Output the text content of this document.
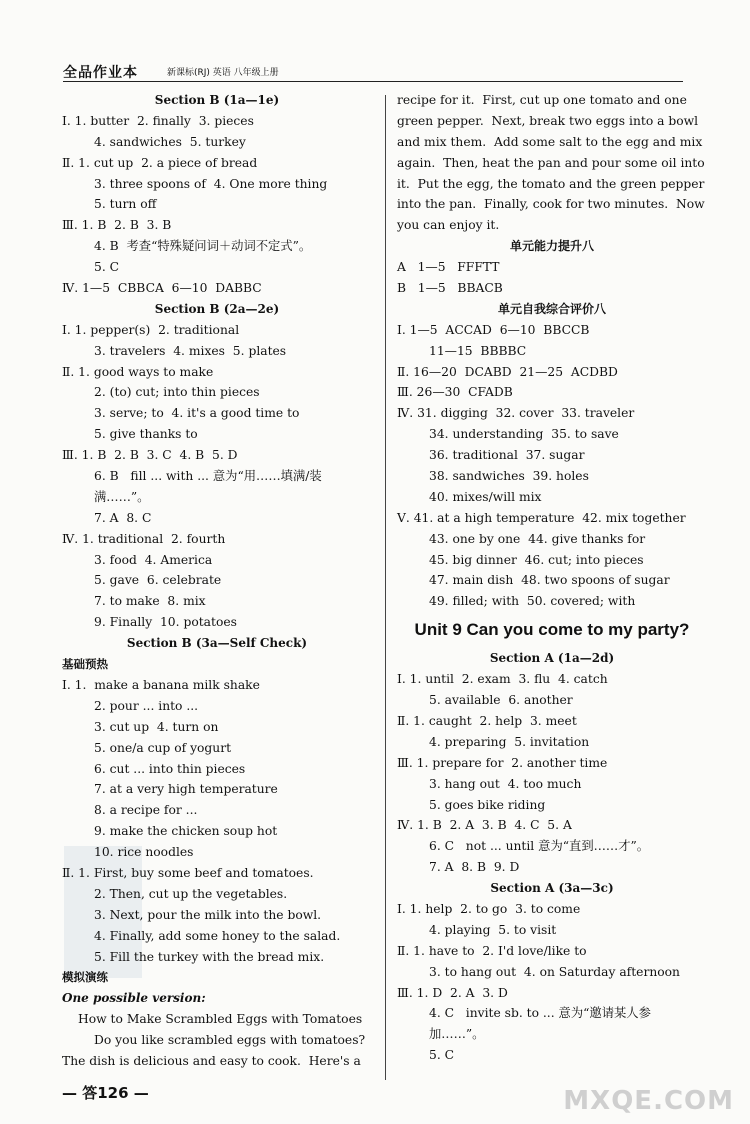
全品作业本	新课标(RJ) 英语 八年级上册
Section B (1a—1e)
Ⅰ. 1. butter  2. finally  3. pieces
4. sandwiches  5. turkey
Ⅱ. 1. cut up  2. a piece of bread
3. three spoons of  4. One more thing
5. turn off
Ⅲ. 1. B  2. B  3. B
4. B  考查“特殊疑问词＋动词不定式”。
5. C
Ⅳ. 1—5  CBBCA  6—10  DABBC
Section B (2a—2e)
Ⅰ. 1. pepper(s)  2. traditional
3. travelers  4. mixes  5. plates
Ⅱ. 1. good ways to make
2. (to) cut; into thin pieces
3. serve; to  4. it's a good time to
5. give thanks to
Ⅲ. 1. B  2. B  3. C  4. B  5. D
6. B   fill ... with ... 意为“用……填满/装
满……”。
7. A  8. C
Ⅳ. 1. traditional  2. fourth
3. food  4. America
5. gave  6. celebrate
7. to make  8. mix
9. Finally  10. potatoes
Section B (3a—Self Check)
基础预热
Ⅰ. 1.  make a banana milk shake
2. pour ... into ...
3. cut up  4. turn on
5. one/a cup of yogurt
6. cut ... into thin pieces
7. at a very high temperature
8. a recipe for ...
9. make the chicken soup hot
10. rice noodles
Ⅱ. 1. First, buy some beef and tomatoes.
2. Then, cut up the vegetables.
3. Next, pour the milk into the bowl.
4. Finally, add some honey to the salad.
5. Fill the turkey with the bread mix.
模拟演练
One possible version:
How to Make Scrambled Eggs with Tomatoes
Do you like scrambled eggs with tomatoes?
The dish is delicious and easy to cook.  Here's a
recipe for it.  First, cut up one tomato and one
green pepper.  Next, break two eggs into a bowl
and mix them.  Add some salt to the egg and mix
again.  Then, heat the pan and pour some oil into
it.  Put the egg, the tomato and the green pepper
into the pan.  Finally, cook for two minutes.  Now
you can enjoy it.
单元能力提升八
A   1—5   FFFTT
B   1—5   BBACB
单元自我综合评价八
Ⅰ. 1—5  ACCAD  6—10  BBCCB
11—15  BBBBC
Ⅱ. 16—20  DCABD  21—25  ACDBD
Ⅲ. 26—30  CFADB
Ⅳ. 31. digging  32. cover  33. traveler
34. understanding  35. to save
36. traditional  37. sugar
38. sandwiches  39. holes
40. mixes/will mix
Ⅴ. 41. at a high temperature  42. mix together
43. one by one  44. give thanks for
45. big dinner  46. cut; into pieces
47. main dish  48. two spoons of sugar
49. filled; with  50. covered; with
Unit 9 Can you come to my party?
Section A (1a—2d)
Ⅰ. 1. until  2. exam  3. flu  4. catch
5. available  6. another
Ⅱ. 1. caught  2. help  3. meet
4. preparing  5. invitation
Ⅲ. 1. prepare for  2. another time
3. hang out  4. too much
5. goes bike riding
Ⅳ. 1. B  2. A  3. B  4. C  5. A
6. C   not ... until 意为“直到……才”。
7. A  8. B  9. D
Section A (3a—3c)
Ⅰ. 1. help  2. to go  3. to come
4. playing  5. to visit
Ⅱ. 1. have to  2. I'd love/like to
3. to hang out  4. on Saturday afternoon
Ⅲ. 1. D  2. A  3. D
4. C   invite sb. to ... 意为“邀请某人参
加……”。
5. C
— 答126 —	MXQE.COM
